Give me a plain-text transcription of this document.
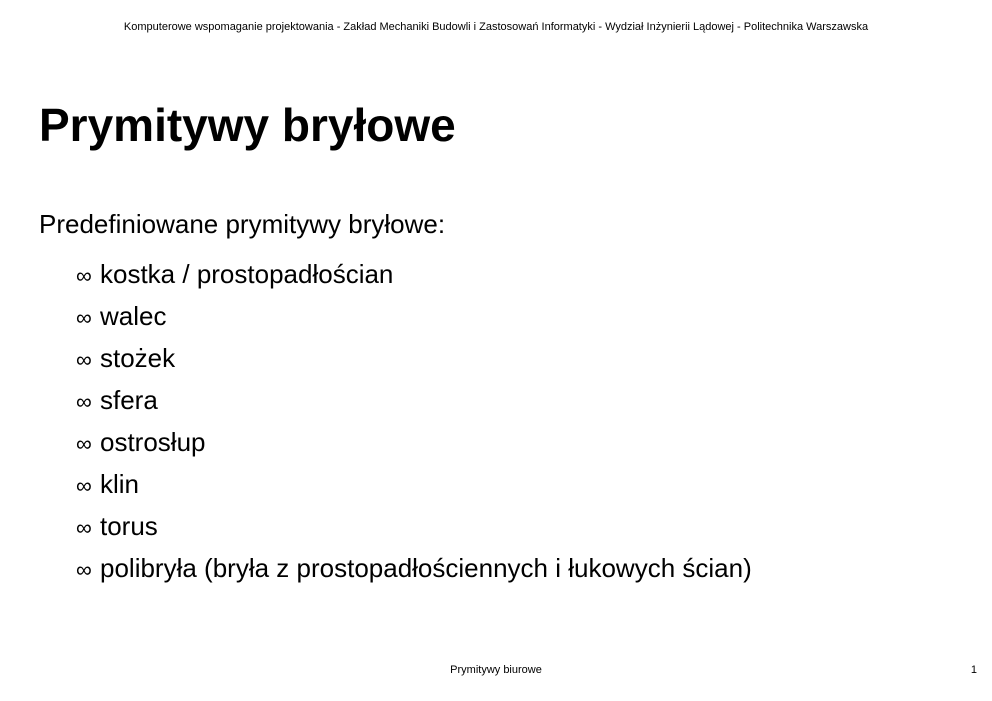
Komputerowe wspomaganie projektowania - Zakład Mechaniki Budowli i Zastosowań Informatyki - Wydział Inżynierii Lądowej - Politechnika Warszawska
Prymitywy bryłowe
Predefiniowane prymitywy bryłowe:
∞ kostka / prostopadłościan
∞ walec
∞ stożek
∞ sfera
∞ ostrosłup
∞ klin
∞ torus
∞ polibryła (bryła z prostopadłościennych i łukowych ścian)
Prymitywy biurowe	1
